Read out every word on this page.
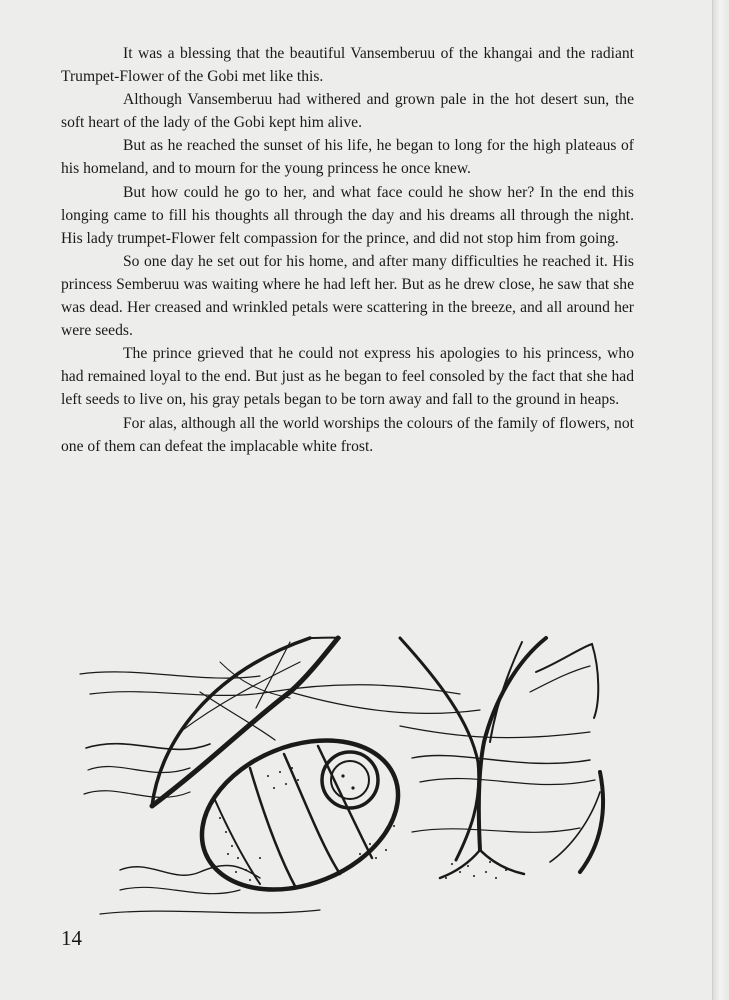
It was a blessing that the beautiful Vansemberuu of the khangai and the radiant Trumpet-Flower of the Gobi met like this.

Although Vansemberuu had withered and grown pale in the hot desert sun, the soft heart of the lady of the Gobi kept him alive.

But as he reached the sunset of his life, he began to long for the high plateaus of his homeland, and to mourn for the young princess he once knew.

But how could he go to her, and what face could he show her? In the end this longing came to fill his thoughts all through the day and his dreams all through the night. His lady trumpet-Flower felt compassion for the prince, and did not stop him from going.

So one day he set out for his home, and after many difficulties he reached it. His princess Semberuu was waiting where he had left her. But as he drew close, he saw that she was dead. Her creased and wrinkled petals were scattering in the breeze, and all around her were seeds.

The prince grieved that he could not express his apologies to his princess, who had remained loyal to the end. But just as he began to feel consoled by the fact that she had left seeds to live on, his gray petals began to be torn away and fall to the ground in heaps.

For alas, although all the world worships the colours of the family of flowers, not one of them can defeat the implacable white frost.

14
